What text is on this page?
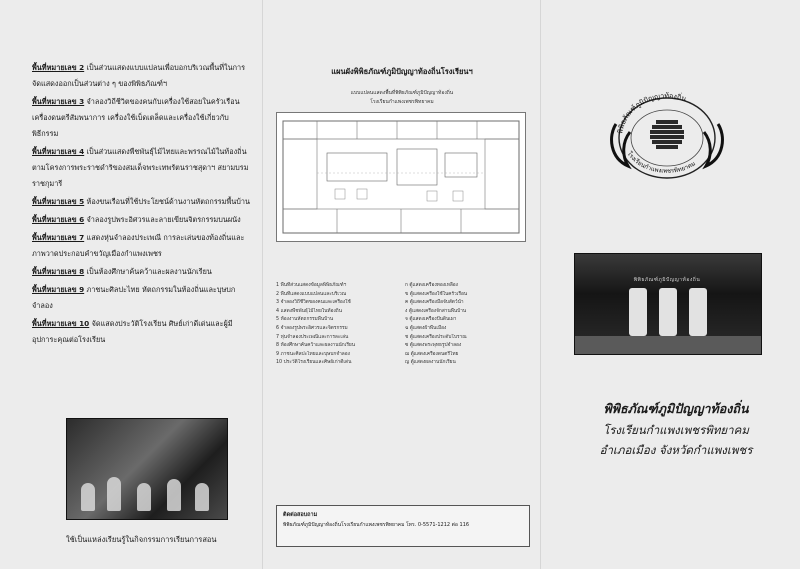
พื้นที่หมายเลข 2 เป็นส่วนแสดงแบบแปลนเพื่อบอกบริเวณพื้นที่ในการจัดแสดงออกเป็นส่วนต่าง ๆ ของพิพิธภัณฑ์ฯ
พื้นที่หมายเลข 3 จำลองวิถีชีวิตของคนกับเครื่องใช้สอยในครัวเรือน เครื่องดนตรีสัมพนาการ เครื่องใช้เบ็ดเตล็ดและเครื่องใช้เกี่ยวกับพิธีกรรม
พื้นที่หมายเลข 4 เป็นส่วนแสดงพืชพันธุ์ไม้ไทยและพรรณไม้ในท้องถิ่นตามโครงการพระราชดำริของสมเด็จพระเทพรัตนราชสุดาฯ สยามบรมราชกุมารี
พื้นที่หมายเลข 5 ห้องขนเรือนที่ใช้ประโยชน์ด้านงานหัตถกรรมพื้นบ้าน
พื้นที่หมายเลข 6 จำลองรูปพระอิศวรและลายเขียนจิตรกรรมบนผนัง
พื้นที่หมายเลข 7 แสดงหุ่นจำลองประเพณี การละเล่นของท้องถิ่นและภาพวาดประกอบคำขวัญเมืองกำแพงเพชร
พื้นที่หมายเลข 8 เป็นห้องศึกษาค้นคว้าและผลงานนักเรียน
พื้นที่หมายเลข 9 ภาชนะศิลปะไทย หัตถกรรมในท้องถิ่นและบุษบกจำลอง
พื้นที่หมายเลข 10 จัดแสดงประวัติโรงเรียน ศิษย์เก่าดีเด่นและผู้มีอุปการะคุณต่อโรงเรียน
ใช้เป็นแหล่งเรียนรู้ในกิจกรรมการเรียนการสอน
แผนผังพิพิธภัณฑ์ภูมิปัญญาท้องถิ่นโรงเรียนฯ
แบบแปลนแสดงพื้นที่พิพิธภัณฑ์ภูมิปัญญาท้องถิ่น
โรงเรียนกำแพงเพชรพิทยาคม
1 พื้นที่ส่วนแสดงข้อมูลพิพิธภัณฑ์ฯ	ก ตู้แสดงเครื่องทองเหลือง
2 พื้นที่แสดงแบบแปลนและบริเวณ	ข ตู้แสดงเครื่องใช้ในครัวเรือน
3 จำลองวิถีชีวิตของคนและเครื่องใช้	ค ตู้แสดงเครื่องมือจับสัตว์น้ำ
4 แสดงพืชพันธุ์ไม้ไทยในท้องถิ่น	ง ตู้แสดงเครื่องจักสานพื้นบ้าน
5 ห้องงานหัตถกรรมพื้นบ้าน	จ ตู้แสดงเครื่องปั้นดินเผา
6 จำลองรูปพระอิศวรและจิตรกรรม	ฉ ตู้แสดงผ้าพื้นเมือง
7 หุ่นจำลองประเพณีและการละเล่น	ช ตู้แสดงเครื่องประดับโบราณ
8 ห้องศึกษาค้นคว้าและผลงานนักเรียน	ซ ตู้แสดงพระพุทธรูปจำลอง
9 ภาชนะศิลปะไทยและบุษบกจำลอง	ฌ ตู้แสดงเครื่องดนตรีไทย
10 ประวัติโรงเรียนและศิษย์เก่าดีเด่น	ญ ตู้แสดงผลงานนักเรียน
ติดต่อสอบถาม
พิพิธภัณฑ์ภูมิปัญญาท้องถิ่นโรงเรียนกำแพงเพชรพิทยาคม โทร. 0-5571-1212 ต่อ 116
พิพิธภัณฑ์ภูมิปัญญาท้องถิ่น
โรงเรียนกำแพงเพชรพิทยาคม
พิพิธภัณฑ์ภูมิปัญญาท้องถิ่น
พิพิธภัณฑ์ภูมิปัญญาท้องถิ่น
โรงเรียนกำแพงเพชรพิทยาคม
อำเภอเมือง จังหวัดกำแพงเพชร
